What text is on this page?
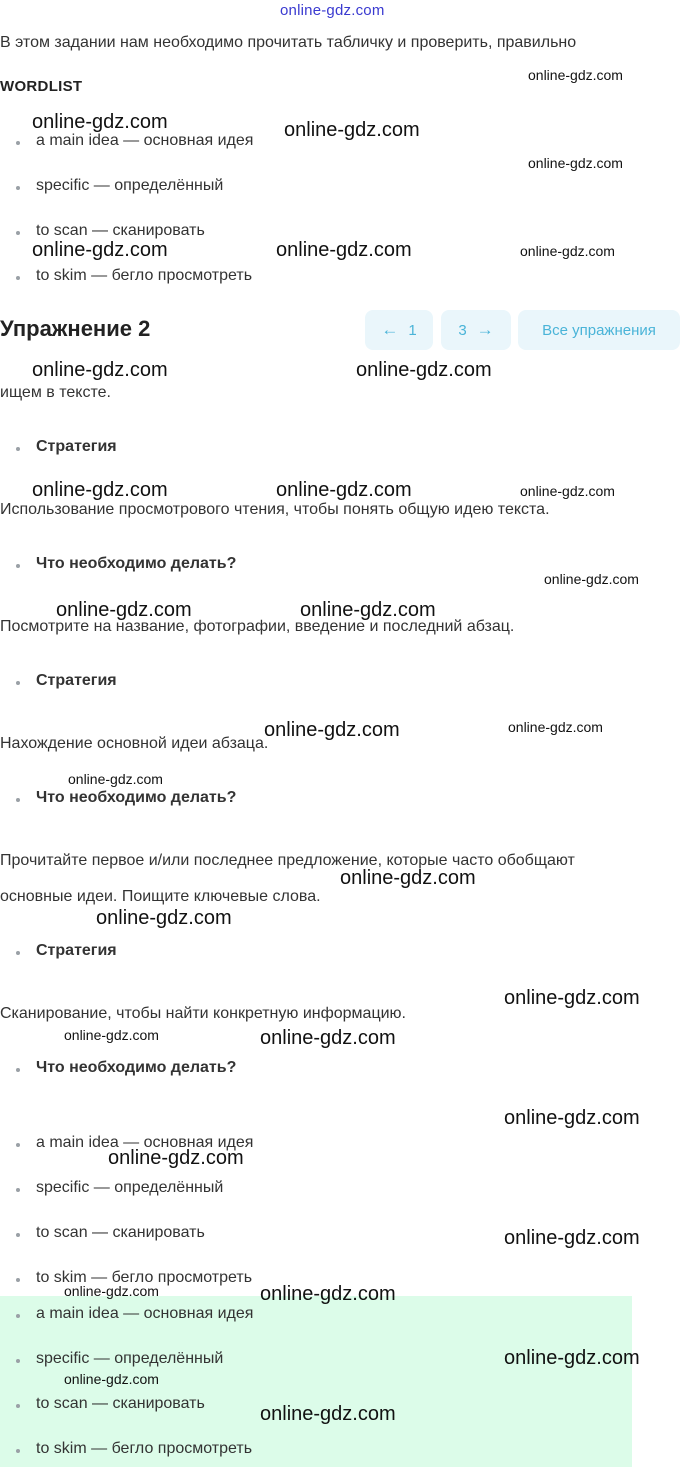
online-gdz.com
В этом задании нам необходимо прочитать табличку и проверить, правильно
WORDLIST
a main idea — основная идея
specific — определённый
to scan — сканировать
to skim — бегло просмотреть
Упражнение 2	← 1	3 →	Все упражнения
ищем в тексте.
Стратегия
Использование просмотрового чтения, чтобы понять общую идею текста.
Что необходимо делать?
Посмотрите на название, фотографии, введение и последний абзац.
Стратегия
Нахождение основной идеи абзаца.
Что необходимо делать?
Прочитайте первое и/или последнее предложение, которые часто обобщают
основные идеи. Поищите ключевые слова.
Стратегия
Сканирование, чтобы найти конкретную информацию.
Что необходимо делать?
a main idea — основная идея
specific — определённый
to scan — сканировать
to skim — бегло просмотреть
a main idea — основная идея
specific — определённый
to scan — сканировать
to skim — бегло просмотреть
online-gdz.com
online-gdz.com	online-gdz.com
online-gdz.com
online-gdz.com	online-gdz.com	online-gdz.com
online-gdz.com	online-gdz.com
online-gdz.com	online-gdz.com	online-gdz.com
online-gdz.com
online-gdz.com	online-gdz.com
online-gdz.com	online-gdz.com
online-gdz.com
online-gdz.com
online-gdz.com
online-gdz.com
online-gdz.com	online-gdz.com
online-gdz.com
online-gdz.com
online-gdz.com
online-gdz.com	online-gdz.com
online-gdz.com
online-gdz.com
online-gdz.com
